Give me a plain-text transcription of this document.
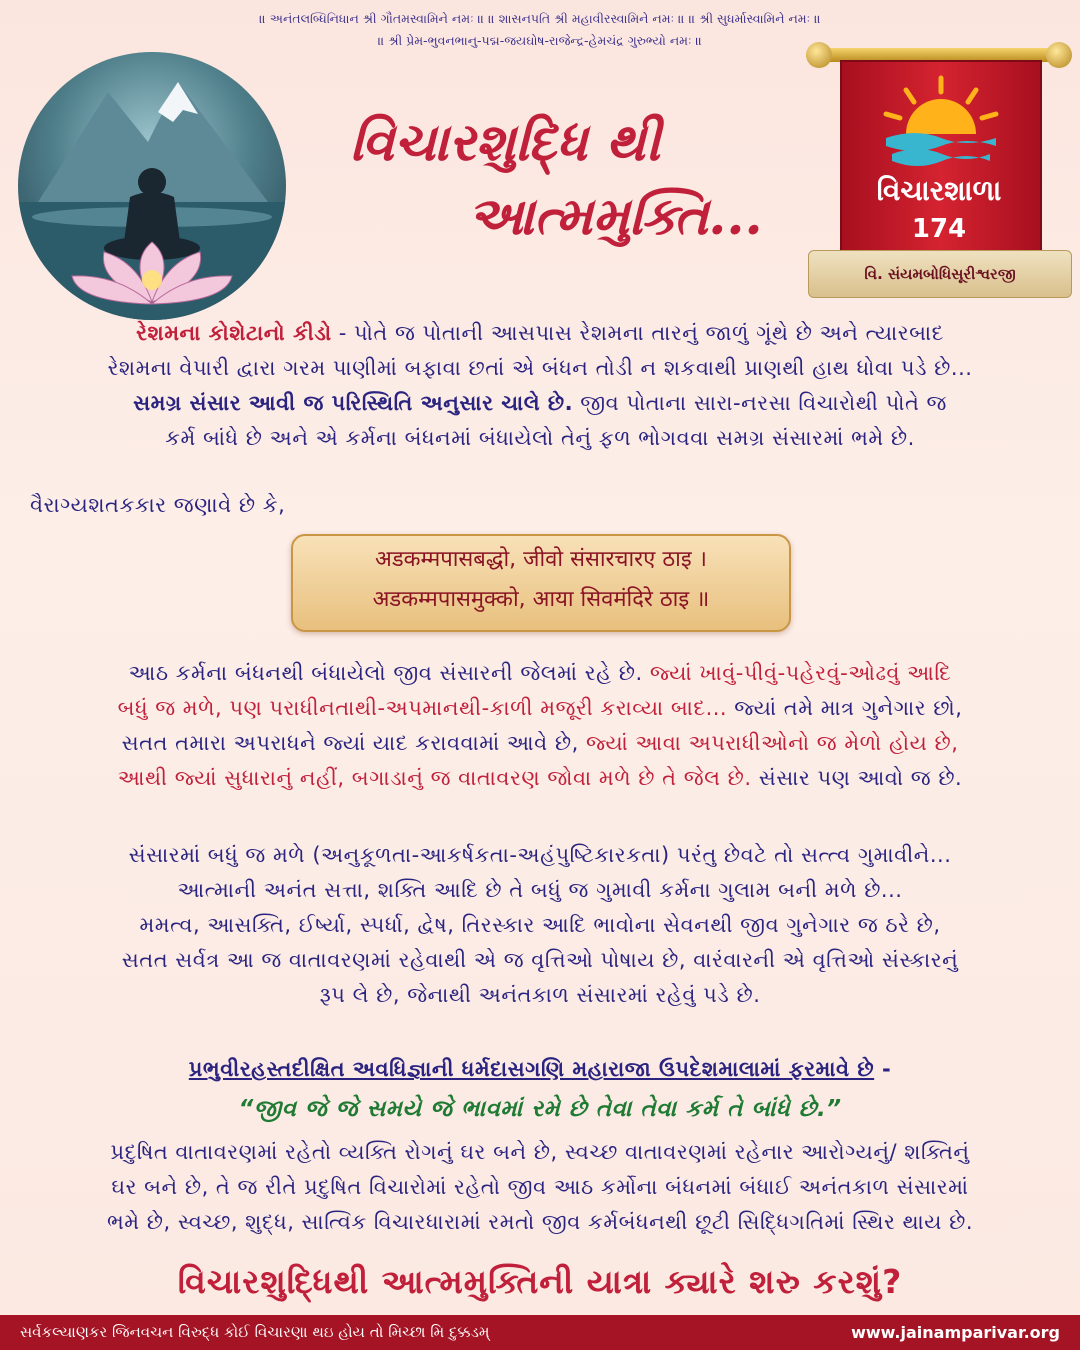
॥ અનંતલબ્ધિનિધાન શ્રી ગૌતમસ્વામિને નમઃ ॥ ॥ શાસનપતિ શ્રી મહાવીરસ્વામિને નમઃ ॥ ॥ શ્રી સુધર્માસ્વામિને નમઃ ॥
॥ શ્રી પ્રેમ-ભુવનભાનુ-પદ્મ-જયઘોષ-રાજેન્દ્ર-હેમચંદ્ર ગુરુભ્યો નમઃ ॥
વિચારશુદ્ધિ થી
આત્મમુક્તિ...	વિચારશાળા
174
વિ. સંયમબોધિસૂરીશ્વરજી
રેશમના કોશેટાનો કીડો - પોતે જ પોતાની આસપાસ રેશમના તારનું જાળું ગૂંથે છે અને ત્યારબાદ
રેશમના વેપારી દ્વારા ગરમ પાણીમાં બફાવા છતાં એ બંધન તોડી ન શકવાથી પ્રાણથી હાથ ધોવા પડે છે...
સમગ્ર સંસાર આવી જ પરિસ્થિતિ અનુસાર ચાલે છે. જીવ પોતાના સારા-નરસા વિચારોથી પોતે જ
કર્મ બાંધે છે અને એ કર્મના બંધનમાં બંધાયેલો તેનું ફળ ભોગવવા સમગ્ર સંસારમાં ભમે છે.
વૈરાગ્યશતકકાર જણાવે છે કે,
अडकम्मपासबद्धो, जीवो संसारचारए ठाइ ।
अडकम्मपासमुक्को, आया सिवमंदिरे ठाइ ॥
આઠ કર્મના બંધનથી બંધાયેલો જીવ સંસારની જેલમાં રહે છે. જ્યાં ખાવું-પીવું-પહેરવું-ઓઢવું આદિ
બધું જ મળે, પણ પરાધીનતાથી-અપમાનથી-કાળી મજૂરી કરાવ્યા બાદ... જ્યાં તમે માત્ર ગુનેગાર છો,
સતત તમારા અપરાધને જ્યાં યાદ કરાવવામાં આવે છે, જ્યાં આવા અપરાધીઓનો જ મેળો હોય છે,
આથી જ્યાં સુધારાનું નહીં, બગાડાનું જ વાતાવરણ જોવા મળે છે તે જેલ છે. સંસાર પણ આવો જ છે.
સંસારમાં બધું જ મળે (અનુકૂળતા-આકર્ષકતા-અહંપુષ્ટિકારકતા) પરંતુ છેવટે તો સત્ત્વ ગુમાવીને...
આત્માની અનંત સત્તા, શક્તિ આદિ છે તે બધું જ ગુમાવી કર્મના ગુલામ બની મળે છે...
મમત્વ, આસક્તિ, ઈર્ષ્યા, સ્પર્ધા, દ્વેષ, તિરસ્કાર આદિ ભાવોના સેવનથી જીવ ગુનેગાર જ ઠરે છે,
સતત સર્વત્ર આ જ વાતાવરણમાં રહેવાથી એ જ વૃત્તિઓ પોષાય છે, વારંવારની એ વૃત્તિઓ સંસ્કારનું
રૂપ લે છે, જેનાથી અનંતકાળ સંસારમાં રહેવું પડે છે.
પ્રભુવીરહસ્તદીક્ષિત અવધિજ્ઞાની ધર્મદાસગણિ મહારાજા ઉપદેશમાલામાં ફરમાવે છે -
“જીવ જે જે સમયે જે ભાવમાં રમે છે તેવા તેવા કર્મ તે બાંધે છે.”
પ્રદુષિત વાતાવરણમાં રહેતો વ્યક્તિ રોગનું ઘર બને છે, સ્વચ્છ વાતાવરણમાં રહેનાર આરોગ્યનું/ શક્તિનું
ઘર બને છે, તે જ રીતે પ્રદુષિત વિચારોમાં રહેતો જીવ આઠ કર્મોના બંધનમાં બંધાઈ અનંતકાળ સંસારમાં
ભમે છે, સ્વચ્છ, શુદ્ધ, સાત્વિક વિચારધારામાં રમતો જીવ કર્મબંધનથી છૂટી સિદ્ધિગતિમાં સ્થિર થાય છે.
વિચારશુદ્ધિથી આત્મમુક્તિની યાત્રા ક્યારે શરુ કરશું?
સર્વકલ્યાણકર જિનવચન વિરુદ્ધ કોઈ વિચારણા થઇ હોય તો મિચ્છા મિ દુક્કડમ્	www.jainamparivar.org
